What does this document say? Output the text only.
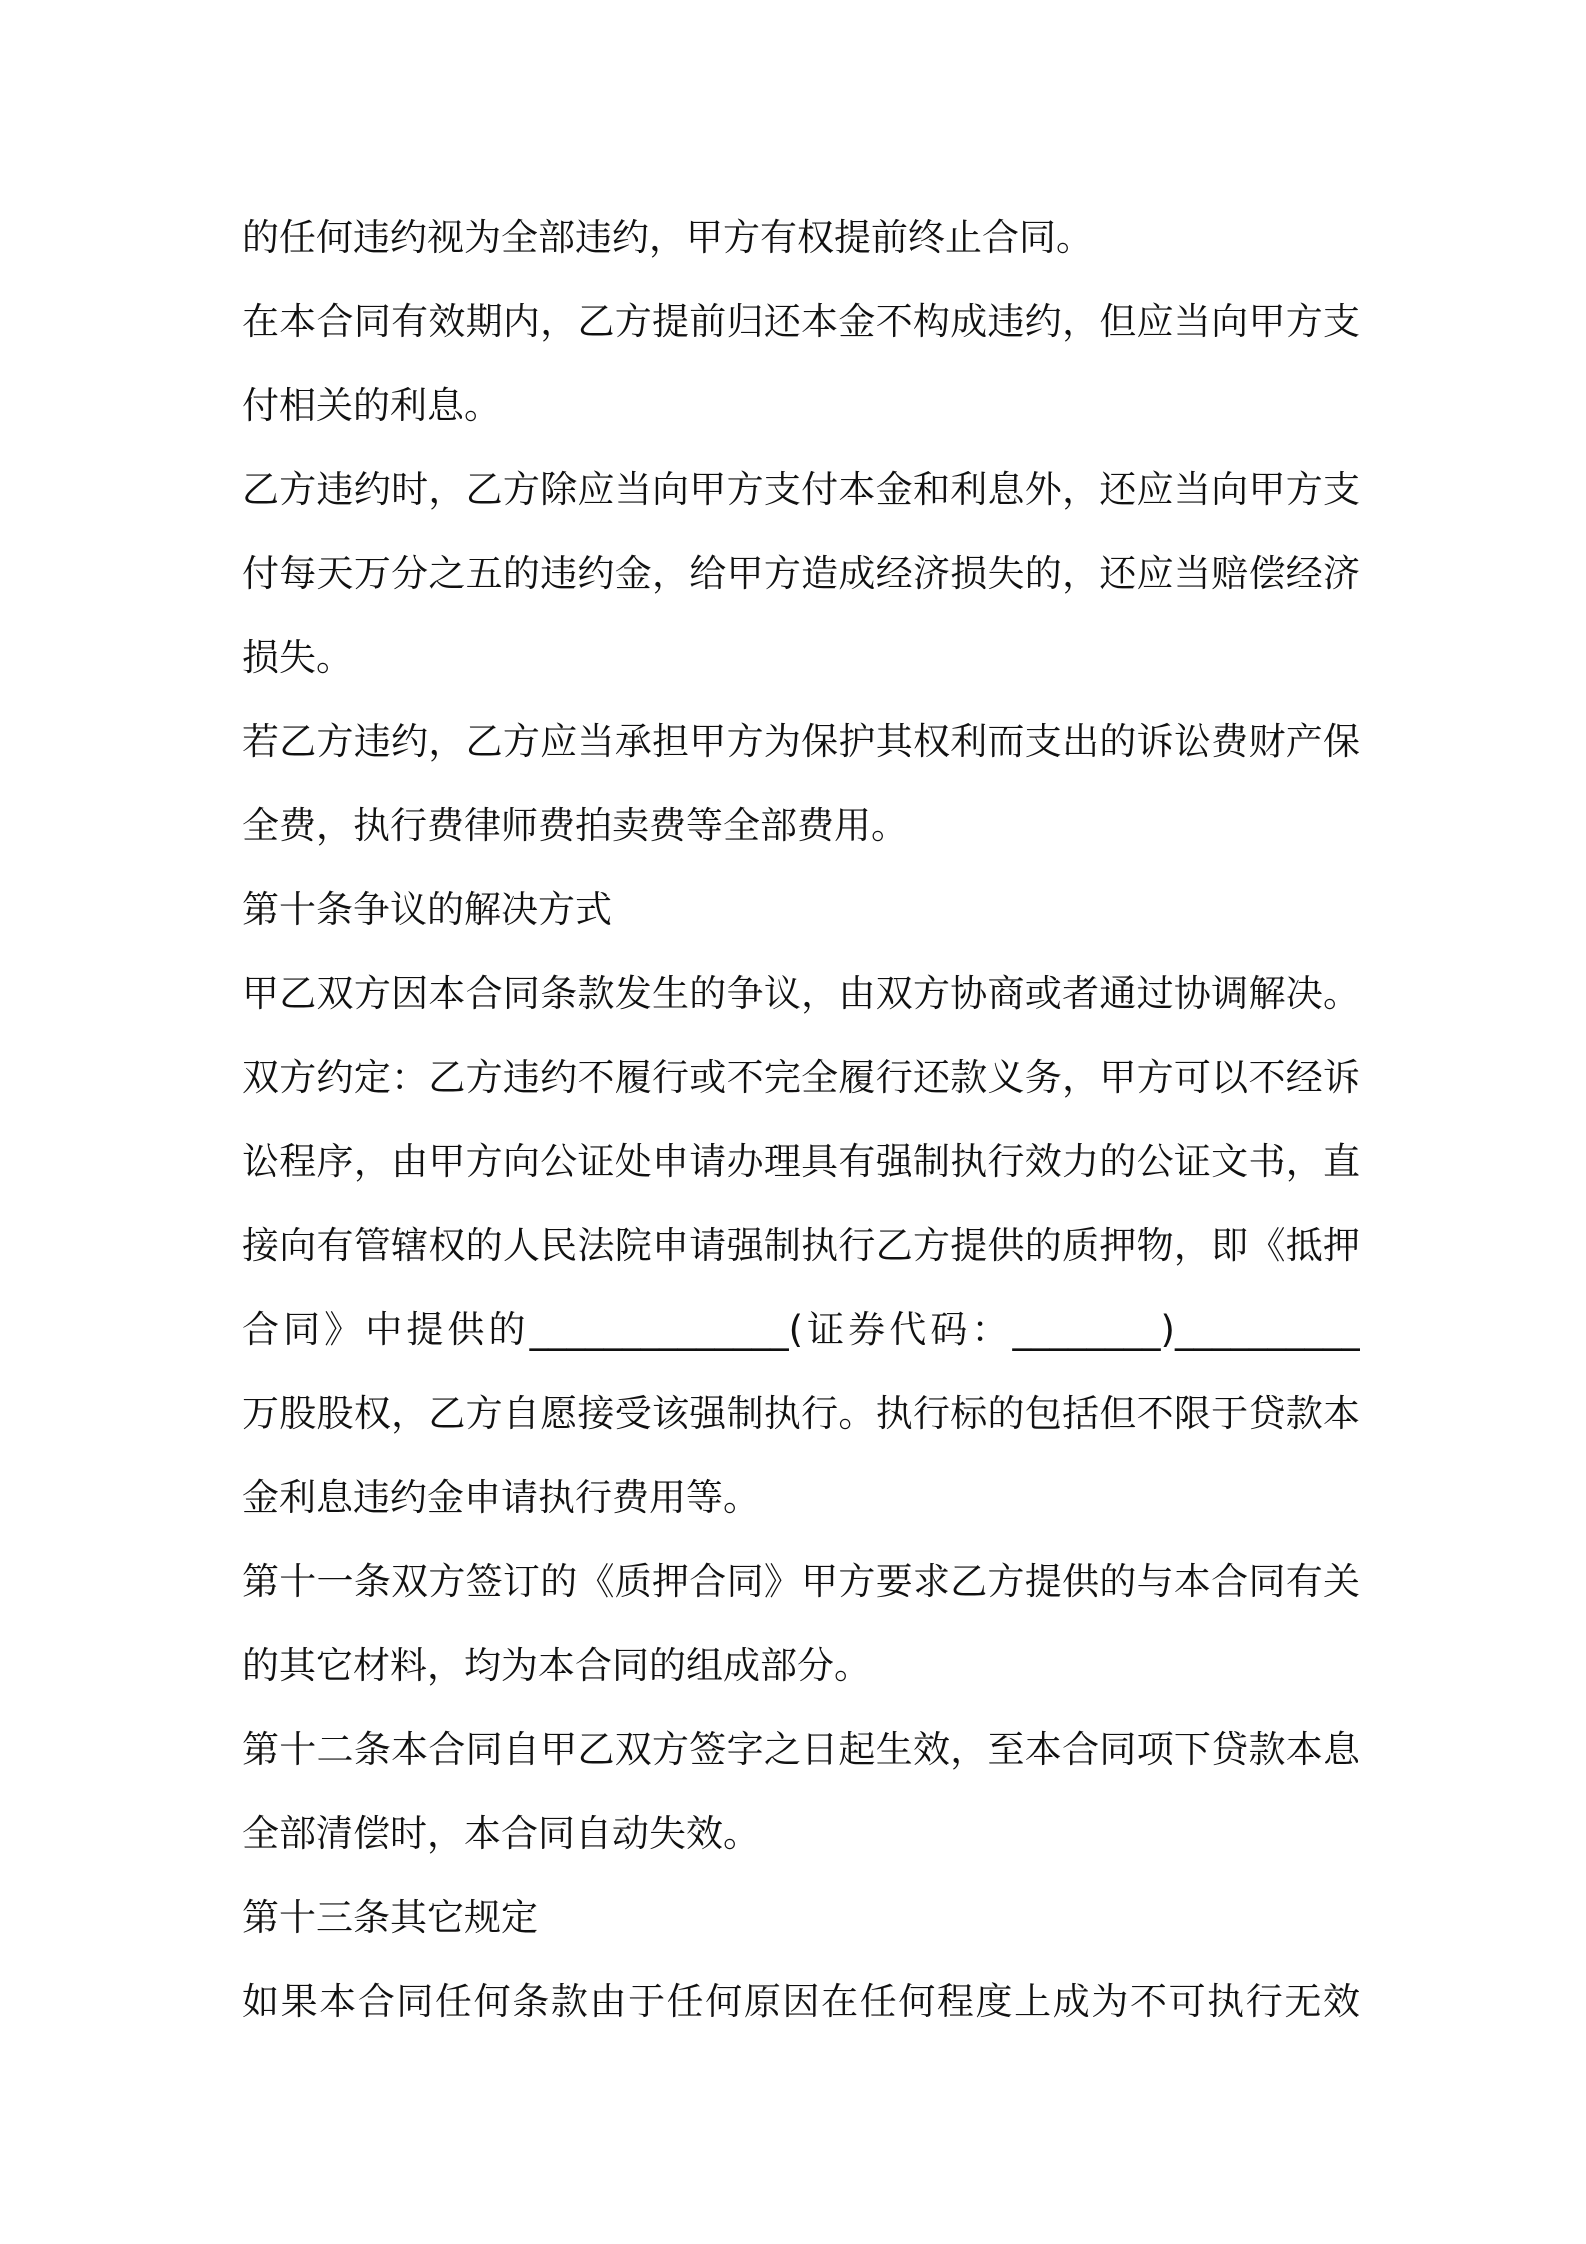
的任何违约视为全部违约，甲方有权提前终止合同。
在本合同有效期内，乙方提前归还本金不构成违约，但应当向甲方支
付相关的利息。
乙方违约时，乙方除应当向甲方支付本金和利息外，还应当向甲方支
付每天万分之五的违约金，给甲方造成经济损失的，还应当赔偿经济
损失。
若乙方违约，乙方应当承担甲方为保护其权利而支出的诉讼费财产保
全费，执行费律师费拍卖费等全部费用。
第十条争议的解决方式
甲乙双方因本合同条款发生的争议，由双方协商或者通过协调解决。
双方约定：乙方违约不履行或不完全履行还款义务，甲方可以不经诉
讼程序，由甲方向公证处申请办理具有强制执行效力的公证文书，直
接向有管辖权的人民法院申请强制执行乙方提供的质押物，即《抵押
合同》中提供的______________(证券代码：________)__________
万股股权，乙方自愿接受该强制执行。执行标的包括但不限于贷款本
金利息违约金申请执行费用等。
第十一条双方签订的《质押合同》甲方要求乙方提供的与本合同有关
的其它材料，均为本合同的组成部分。
第十二条本合同自甲乙双方签字之日起生效，至本合同项下贷款本息
全部清偿时，本合同自动失效。
第十三条其它规定
如果本合同任何条款由于任何原因在任何程度上成为不可执行无效
